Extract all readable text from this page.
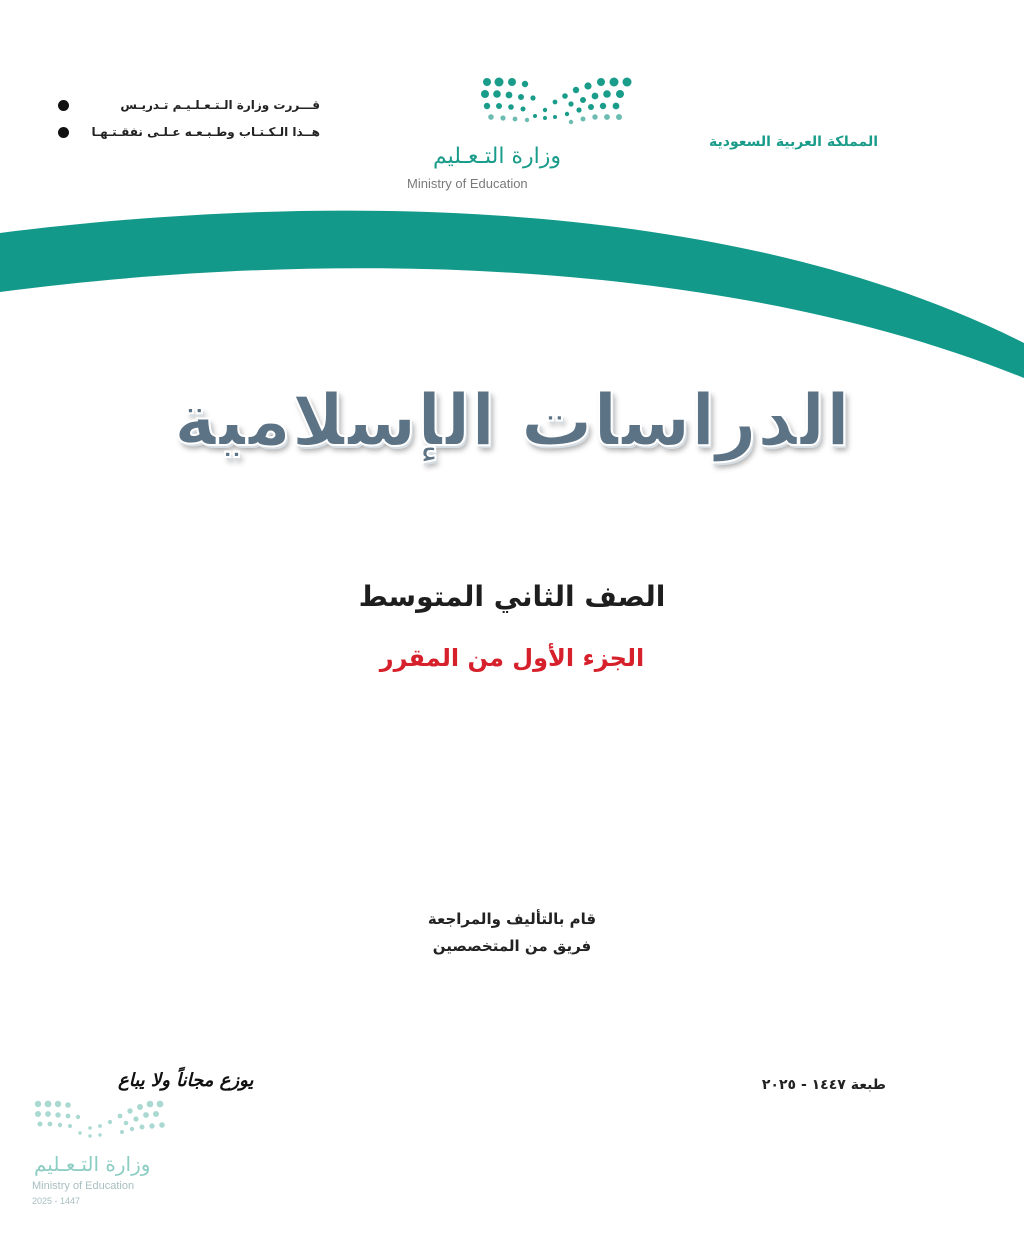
قـــررت وزارة الـتـعـلـيـم تـدريـس
هــذا الـكـتـاب وطـبـعـه عـلـى نفقـتـهـا
وزارة التـعـليم
Ministry of Education
المملكة العربية السعودية
الدراسات الإسلامية
الصف الثاني المتوسط
الجزء الأول من المقرر
قام بالتأليف والمراجعة
فريق من المتخصصين
طبعة ١٤٤٧ - ٢٠٢٥
يوزع مجاناً ولا يباع
وزارة التـعـليم
Ministry of Education
2025 - 1447
